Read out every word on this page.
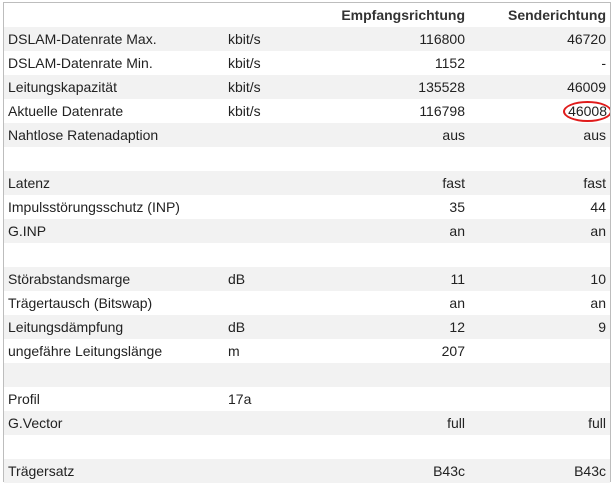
		Empfangsrichtung	Senderichtung
DSLAM-Datenrate Max.	kbit/s	116800	46720
DSLAM-Datenrate Min.	kbit/s	1152	-
Leitungskapazität	kbit/s	135528	46009
Aktuelle Datenrate	kbit/s	116798	46008
Nahtlose Ratenadaption		aus	aus

Latenz		fast	fast
Impulsstörungsschutz (INP)		35	44
G.INP		an	an

Störabstandsmarge	dB	11	10
Trägertausch (Bitswap)		an	an
Leitungsdämpfung	dB	12	9
ungefähre Leitungslänge	m	207	

Profil	17a		
G.Vector		full	full

Trägersatz		B43c	B43c
